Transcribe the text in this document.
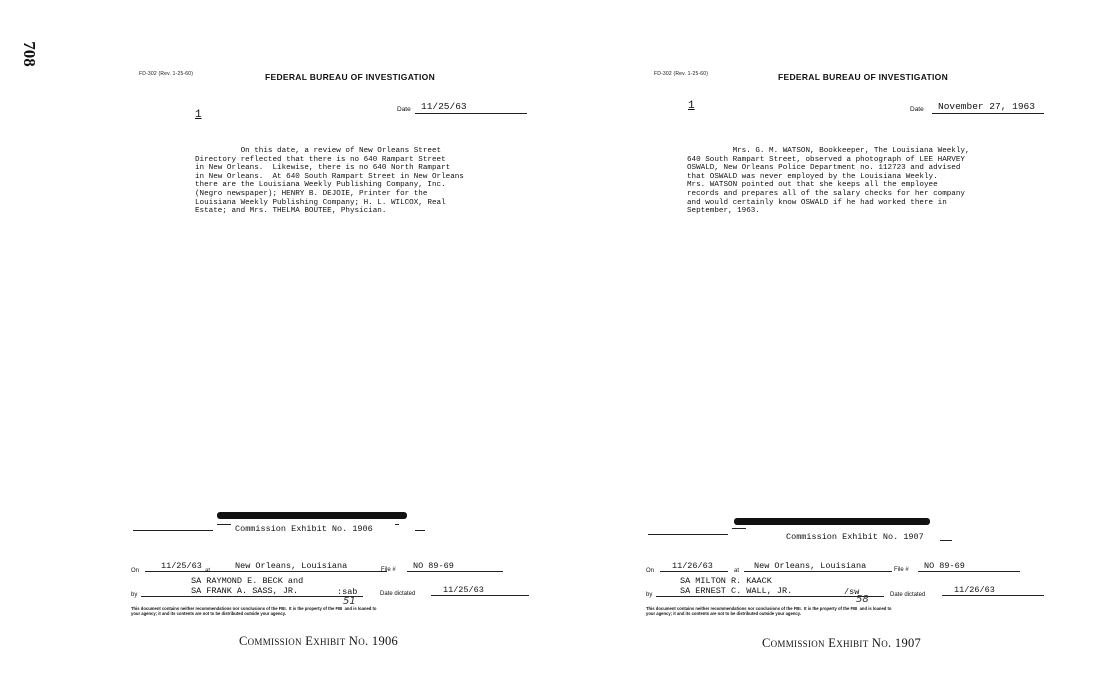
708
FD-302 (Rev. 1-25-60)	FEDERAL BUREAU OF INVESTIGATION
1	Date	11/25/63
On this date, a review of New Orleans Street
Directory reflected that there is no 640 Rampart Street
in New Orleans.  Likewise, there is no 640 North Rampart
in New Orleans.  At 640 South Rampart Street in New Orleans
there are the Louisiana Weekly Publishing Company, Inc.
(Negro newspaper); HENRY B. DEJOIE, Printer for the
Louisiana Weekly Publishing Company; H. L. WILCOX, Real
Estate; and Mrs. THELMA BOUTEE, Physician.
Commission Exhibit No. 1906
On	11/25/63 at	New Orleans, Louisiana	File #	NO 89-69
by
SA RAYMOND E. BECK and
SA FRANK A. SASS, JR.	:sab
51
Date dictated	11/25/63
This document contains neither recommendations nor conclusions of the FBI.  It is the property of the FBI  and is loaned to
your agency; it and its contents are not to be distributed outside your agency.
Commission Exhibit No. 1906
FD-302 (Rev. 1-25-60)	FEDERAL BUREAU OF INVESTIGATION
1	Date	November 27, 1963
Mrs. G. M. WATSON, Bookkeeper, The Louisiana Weekly,
640 South Rampart Street, observed a photograph of LEE HARVEY
OSWALD, New Orleans Police Department no. 112723 and advised
that OSWALD was never employed by the Louisiana Weekly.
Mrs. WATSON pointed out that she keeps all the employee
records and prepares all of the salary checks for her company
and would certainly know OSWALD if he had worked there in
September, 1963.
Commission Exhibit No. 1907
On	11/26/63	at	New Orleans, Louisiana	File #	NO 89-69
by
SA MILTON R. KAACK
SA ERNEST C. WALL, JR.	/sw
58	Date dictated	11/26/63
This document contains neither recommendations nor conclusions of the FBI.  It is the property of the FBI  and is loaned to
your agency; it and its contents are not to be distributed outside your agency.
Commission Exhibit No. 1907
